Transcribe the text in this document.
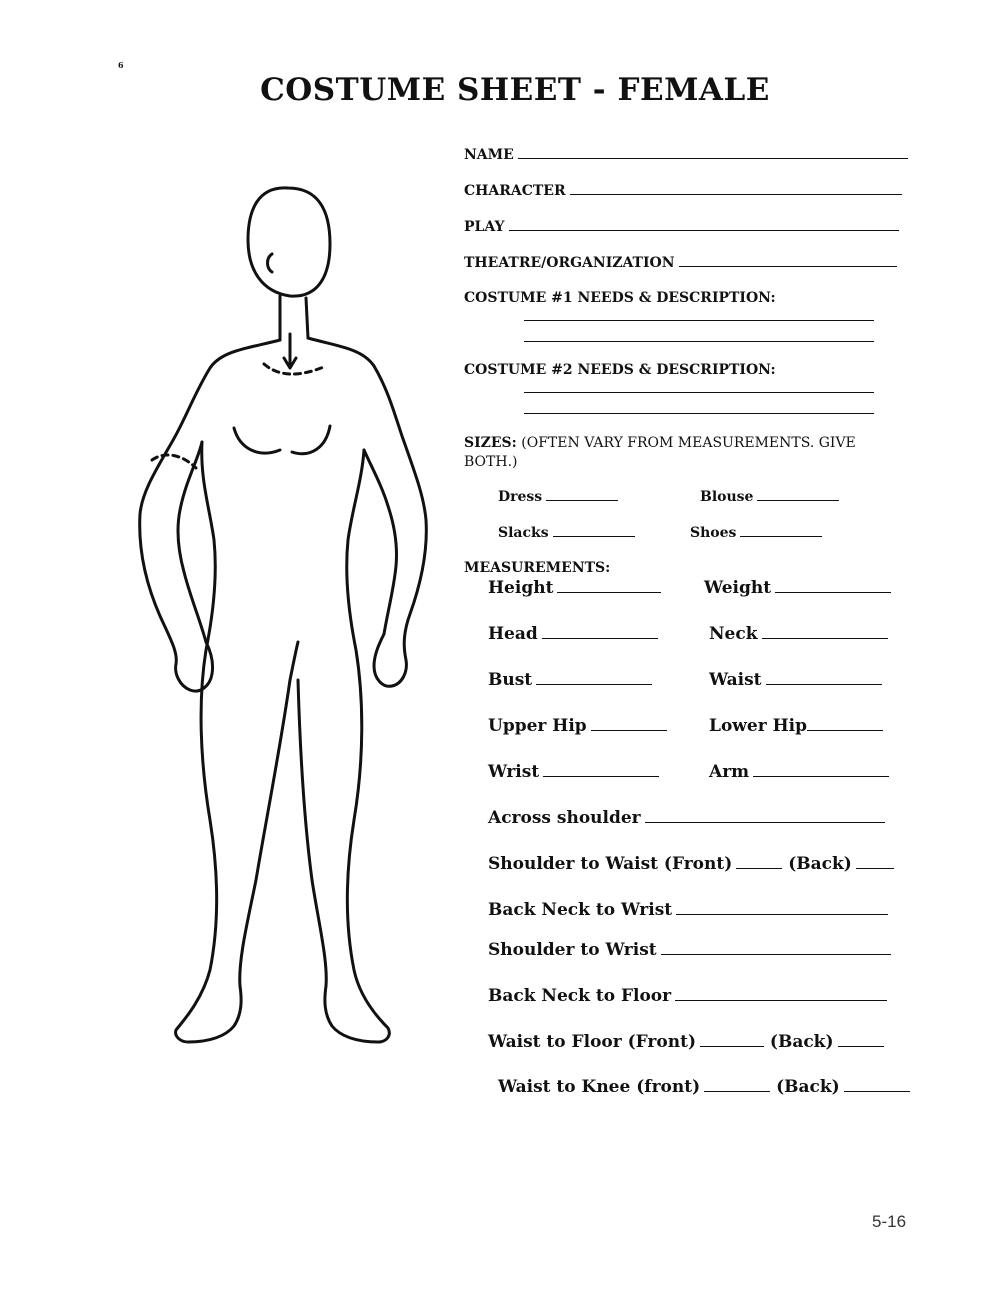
6
COSTUME SHEET - FEMALE
NAME
CHARACTER
PLAY
THEATRE/ORGANIZATION
COSTUME #1 NEEDS & DESCRIPTION:
COSTUME #2 NEEDS & DESCRIPTION:
SIZES: (OFTEN VARY FROM MEASUREMENTS. GIVE BOTH.)
Dress	Blouse
Slacks	Shoes
MEASUREMENTS:
Height	Weight
Head	Neck
Bust	Waist
Upper Hip	Lower Hip
Wrist	Arm
Across shoulder
Shoulder to Waist (Front)	(Back)
Back Neck to Wrist
Shoulder to Wrist
Back Neck to Floor
Waist to Floor (Front)	(Back)
Waist to Knee (front)	(Back)
5-16
